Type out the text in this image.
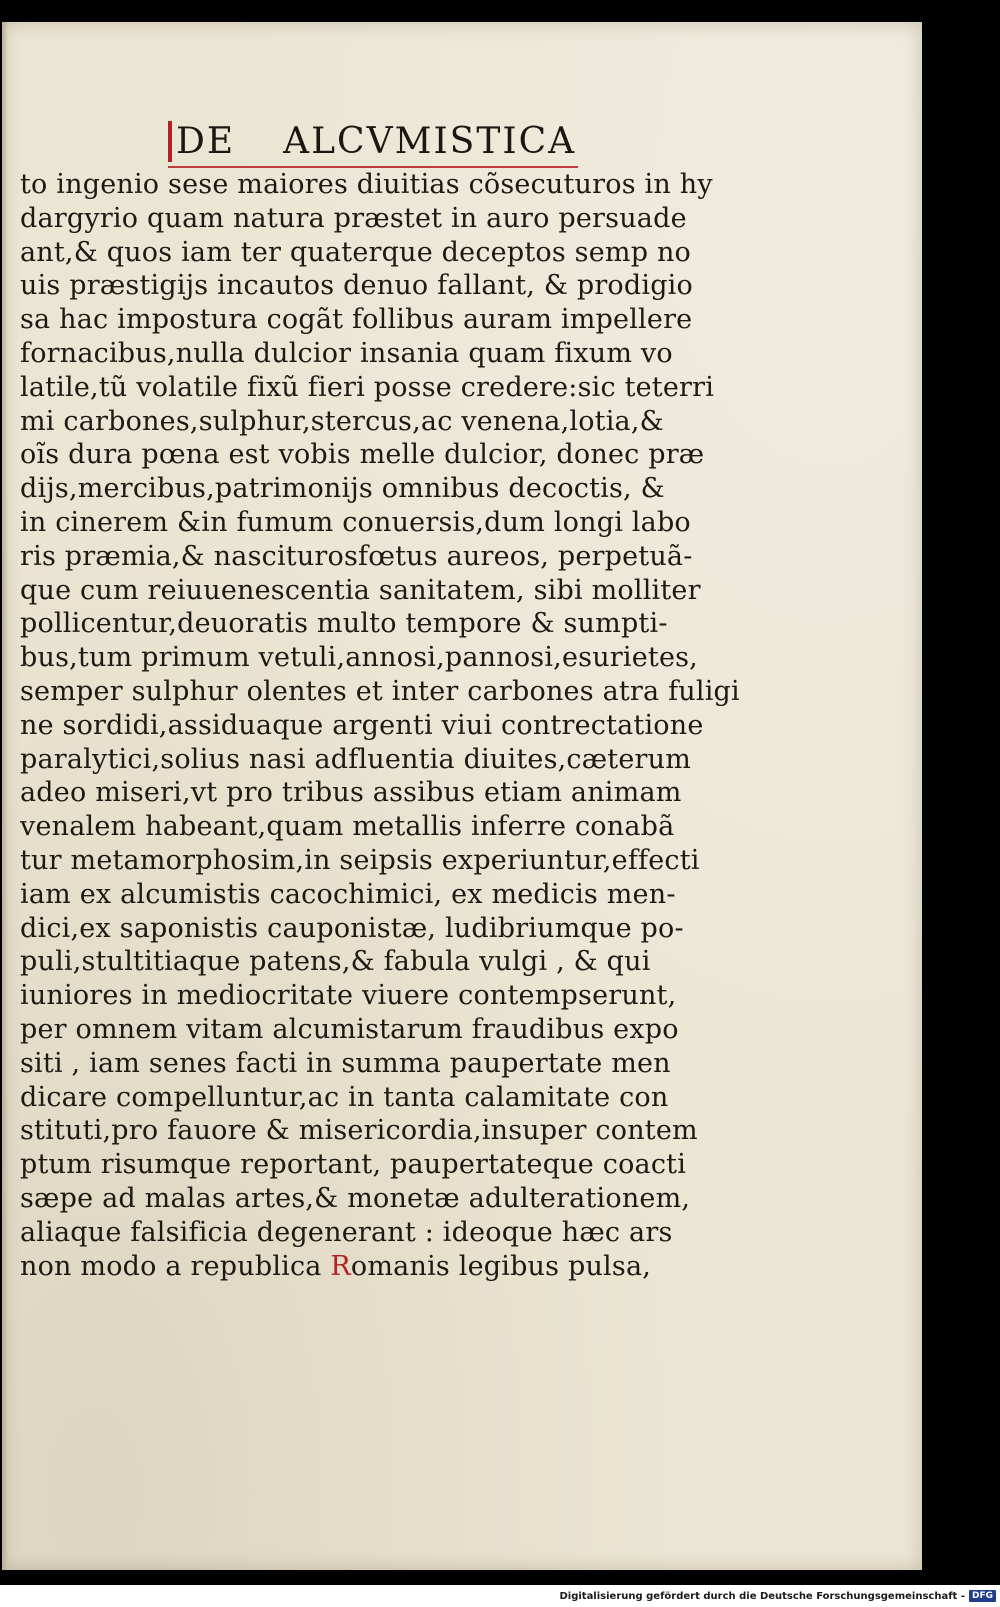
DE ALCVMISTICA
to ingenio sese maiores diuitias cõsecuturos in hy
dargyrio quam natura præstet in auro persuade
ant,& quos iam ter quaterque deceptos semp no
uis præstigijs incautos denuo fallant, & prodigio
sa hac impostura cogãt follibus auram impellere
fornacibus,nulla dulcior insania quam fixum vo
latile,tũ volatile fixũ fieri posse credere:sic teterri
mi carbones,sulphur,stercus,ac venena,lotia,&
oĩs dura pœna est vobis melle dulcior, donec præ
dijs,mercibus,patrimonijs omnibus decoctis, &
in cinerem &in fumum conuersis,dum longi labo
ris præmia,& nasciturosfœtus aureos, perpetuã-
que cum reiuuenescentia sanitatem, sibi molliter
pollicentur,deuoratis multo tempore & sumpti-
bus,tum primum vetuli,annosi,pannosi,esurietes,
semper sulphur olentes et inter carbones atra fuligi
ne sordidi,assiduaque argenti viui contrectatione
paralytici,solius nasi adfluentia diuites,cæterum
adeo miseri,vt pro tribus assibus etiam animam
venalem habeant,quam metallis inferre conabã
tur metamorphosim,in seipsis experiuntur,effecti
iam ex alcumistis cacochimici, ex medicis men-
dici,ex saponistis cauponistæ, ludibriumque po-
puli,stultitiaque patens,& fabula vulgi , & qui
iuniores in mediocritate viuere contempserunt,
per omnem vitam alcumistarum fraudibus expo
siti , iam senes facti in summa paupertate men
dicare compelluntur,ac in tanta calamitate con
stituti,pro fauore & misericordia,insuper contem
ptum risumque reportant, paupertateque coacti
sæpe ad malas artes,& monetæ adulterationem,
aliaque falsificia degenerant : ideoque hæc ars
non modo a republica Romanis legibus pulsa,
Digitalisierung gefördert durch die Deutsche Forschungsgemeinschaft - DFG
